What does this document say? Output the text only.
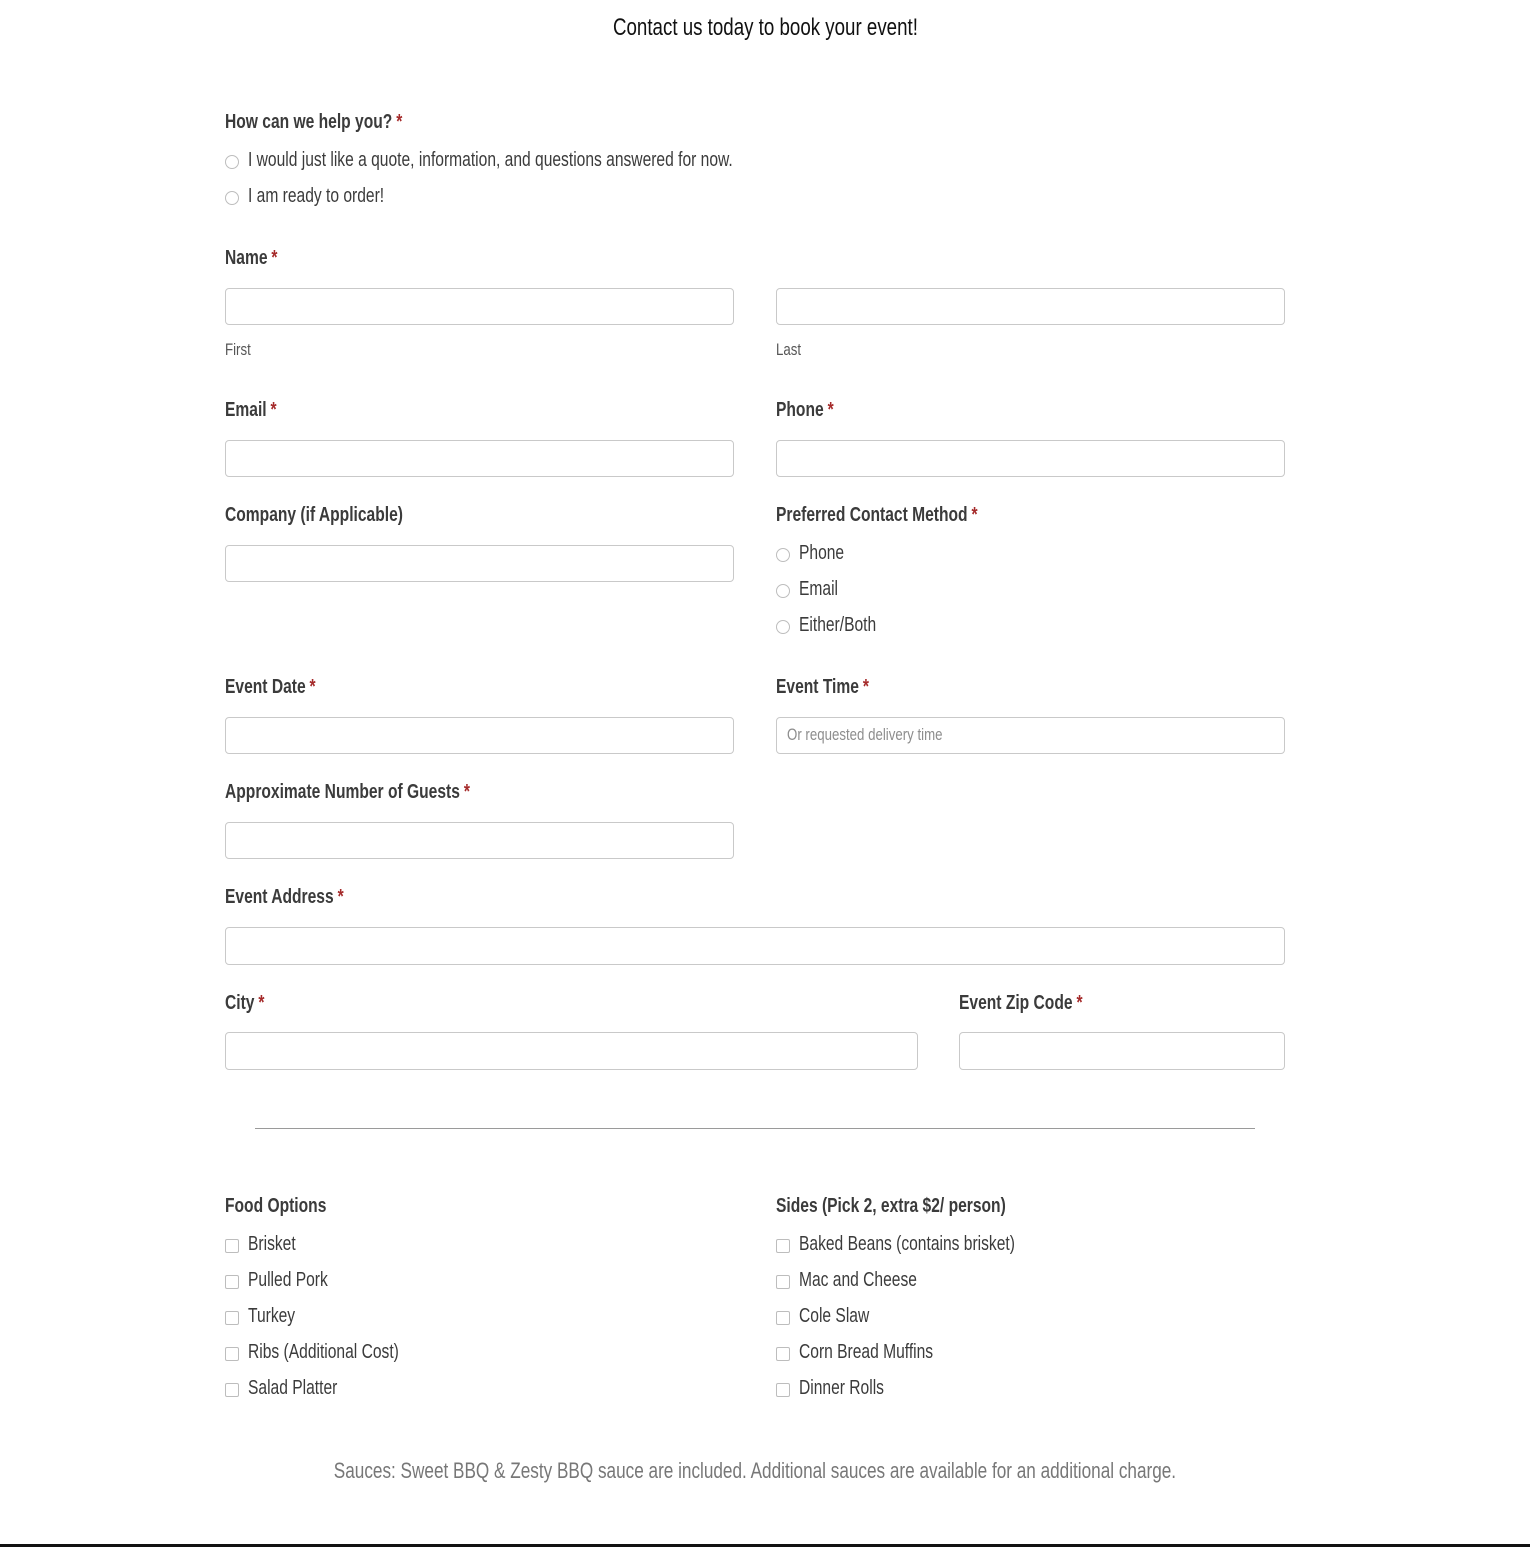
Contact us today to book your event!
How can we help you? *
I would just like a quote, information, and questions answered for now.
I am ready to order!
Name *
First	Last
Email *	Phone *
Company (if Applicable)	Preferred Contact Method *
Phone
Email
Either/Both
Event Date *	Event Time *
Or requested delivery time
Approximate Number of Guests *
Event Address *
City *	Event Zip Code *
Food Options
Brisket
Pulled Pork
Turkey
Ribs (Additional Cost)
Salad Platter
Sides (Pick 2, extra $2/ person)
Baked Beans (contains brisket)
Mac and Cheese
Cole Slaw
Corn Bread Muffins
Dinner Rolls
Sauces: Sweet BBQ & Zesty BBQ sauce are included. Additional sauces are available for an additional charge.
